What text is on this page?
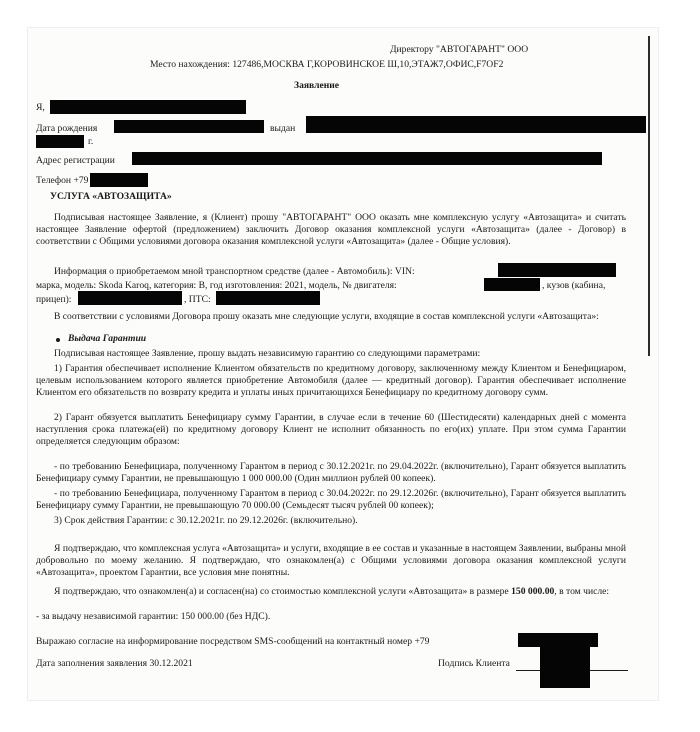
Директору "АВТОГАРАНТ" ООО
Место нахождения: 127486,МОСКВА Г,КОРОВИНСКОЕ Ш,10,ЭТАЖ7,ОФИС,F7OF2
Заявление
Я,
Дата рождения	выдан
г.
Адрес регистрации
Телефон +79
УСЛУГА «АВТОЗАЩИТА»
Подписывая настоящее Заявление, я (Клиент) прошу "АВТОГАРАНТ" ООО оказать мне комплексную услугу «Автозащита» и считать настоящее Заявление офертой (предложением) заключить Договор оказания комплексной услуги «Автозащита» (далее - Договор) в соответствии с Общими условиями договора оказания комплексной услуги «Автозащита» (далее - Общие условия).
Информация о приобретаемом мной транспортном средстве (далее - Автомобиль): VIN:
марка, модель: Skoda Karoq, категория: B, год изготовления: 2021, модель, № двигателя:	, кузов (кабина,
прицеп):	, ПТС:
В соответствии с условиями Договора прошу оказать мне следующие услуги, входящие в состав комплексной услуги «Автозащита»:
Выдача Гарантии
Подписывая настоящее Заявление, прошу выдать независимую гарантию со следующими параметрами:
1) Гарантия обеспечивает исполнение Клиентом обязательств по кредитному договору, заключенному между Клиентом и Бенефициаром, целевым использованием которого является приобретение Автомобиля (далее — кредитный договор). Гарантия обеспечивает исполнение Клиентом его обязательств по возврату кредита и уплаты иных причитающихся Бенефициару по кредитному договору сумм.
2) Гарант обязуется выплатить Бенефициару сумму Гарантии, в случае если в течение 60 (Шестидесяти) календарных дней с момента наступления срока платежа(ей) по кредитному договору Клиент не исполнит обязанность по его(их) уплате. При этом сумма Гарантии определяется следующим образом:
- по требованию Бенефициара, полученному Гарантом в период с 30.12.2021г. по 29.04.2022г. (включительно), Гарант обязуется выплатить Бенефициару сумму Гарантии, не превышающую 1 000 000.00 (Один миллион рублей 00 копеек).
- по требованию Бенефициара, полученному Гарантом в период с 30.04.2022г. по 29.12.2026г. (включительно), Гарант обязуется выплатить Бенефициару сумму Гарантии, не превышающую 70 000.00 (Семьдесят тысяч рублей 00 копеек);
3) Срок действия Гарантии: с 30.12.2021г. по 29.12.2026г. (включительно).
Я подтверждаю, что комплексная услуга «Автозащита» и услуги, входящие в ее состав и указанные в настоящем Заявлении, выбраны мной добровольно по моему желанию. Я подтверждаю, что ознакомлен(а) с Общими условиями договора оказания комплексной услуги «Автозащита», проектом Гарантии, все условия мне понятны.
Я подтверждаю, что ознакомлен(а) и согласен(на) со стоимостью комплексной услуги «Автозащита» в размере 150 000.00, в том числе:
- за выдачу независимой гарантии: 150 000.00 (без НДС).
Выражаю согласие на информирование посредством SMS-сообщений на контактный номер +79
Дата заполнения заявления 30.12.2021	Подпись Клиента
